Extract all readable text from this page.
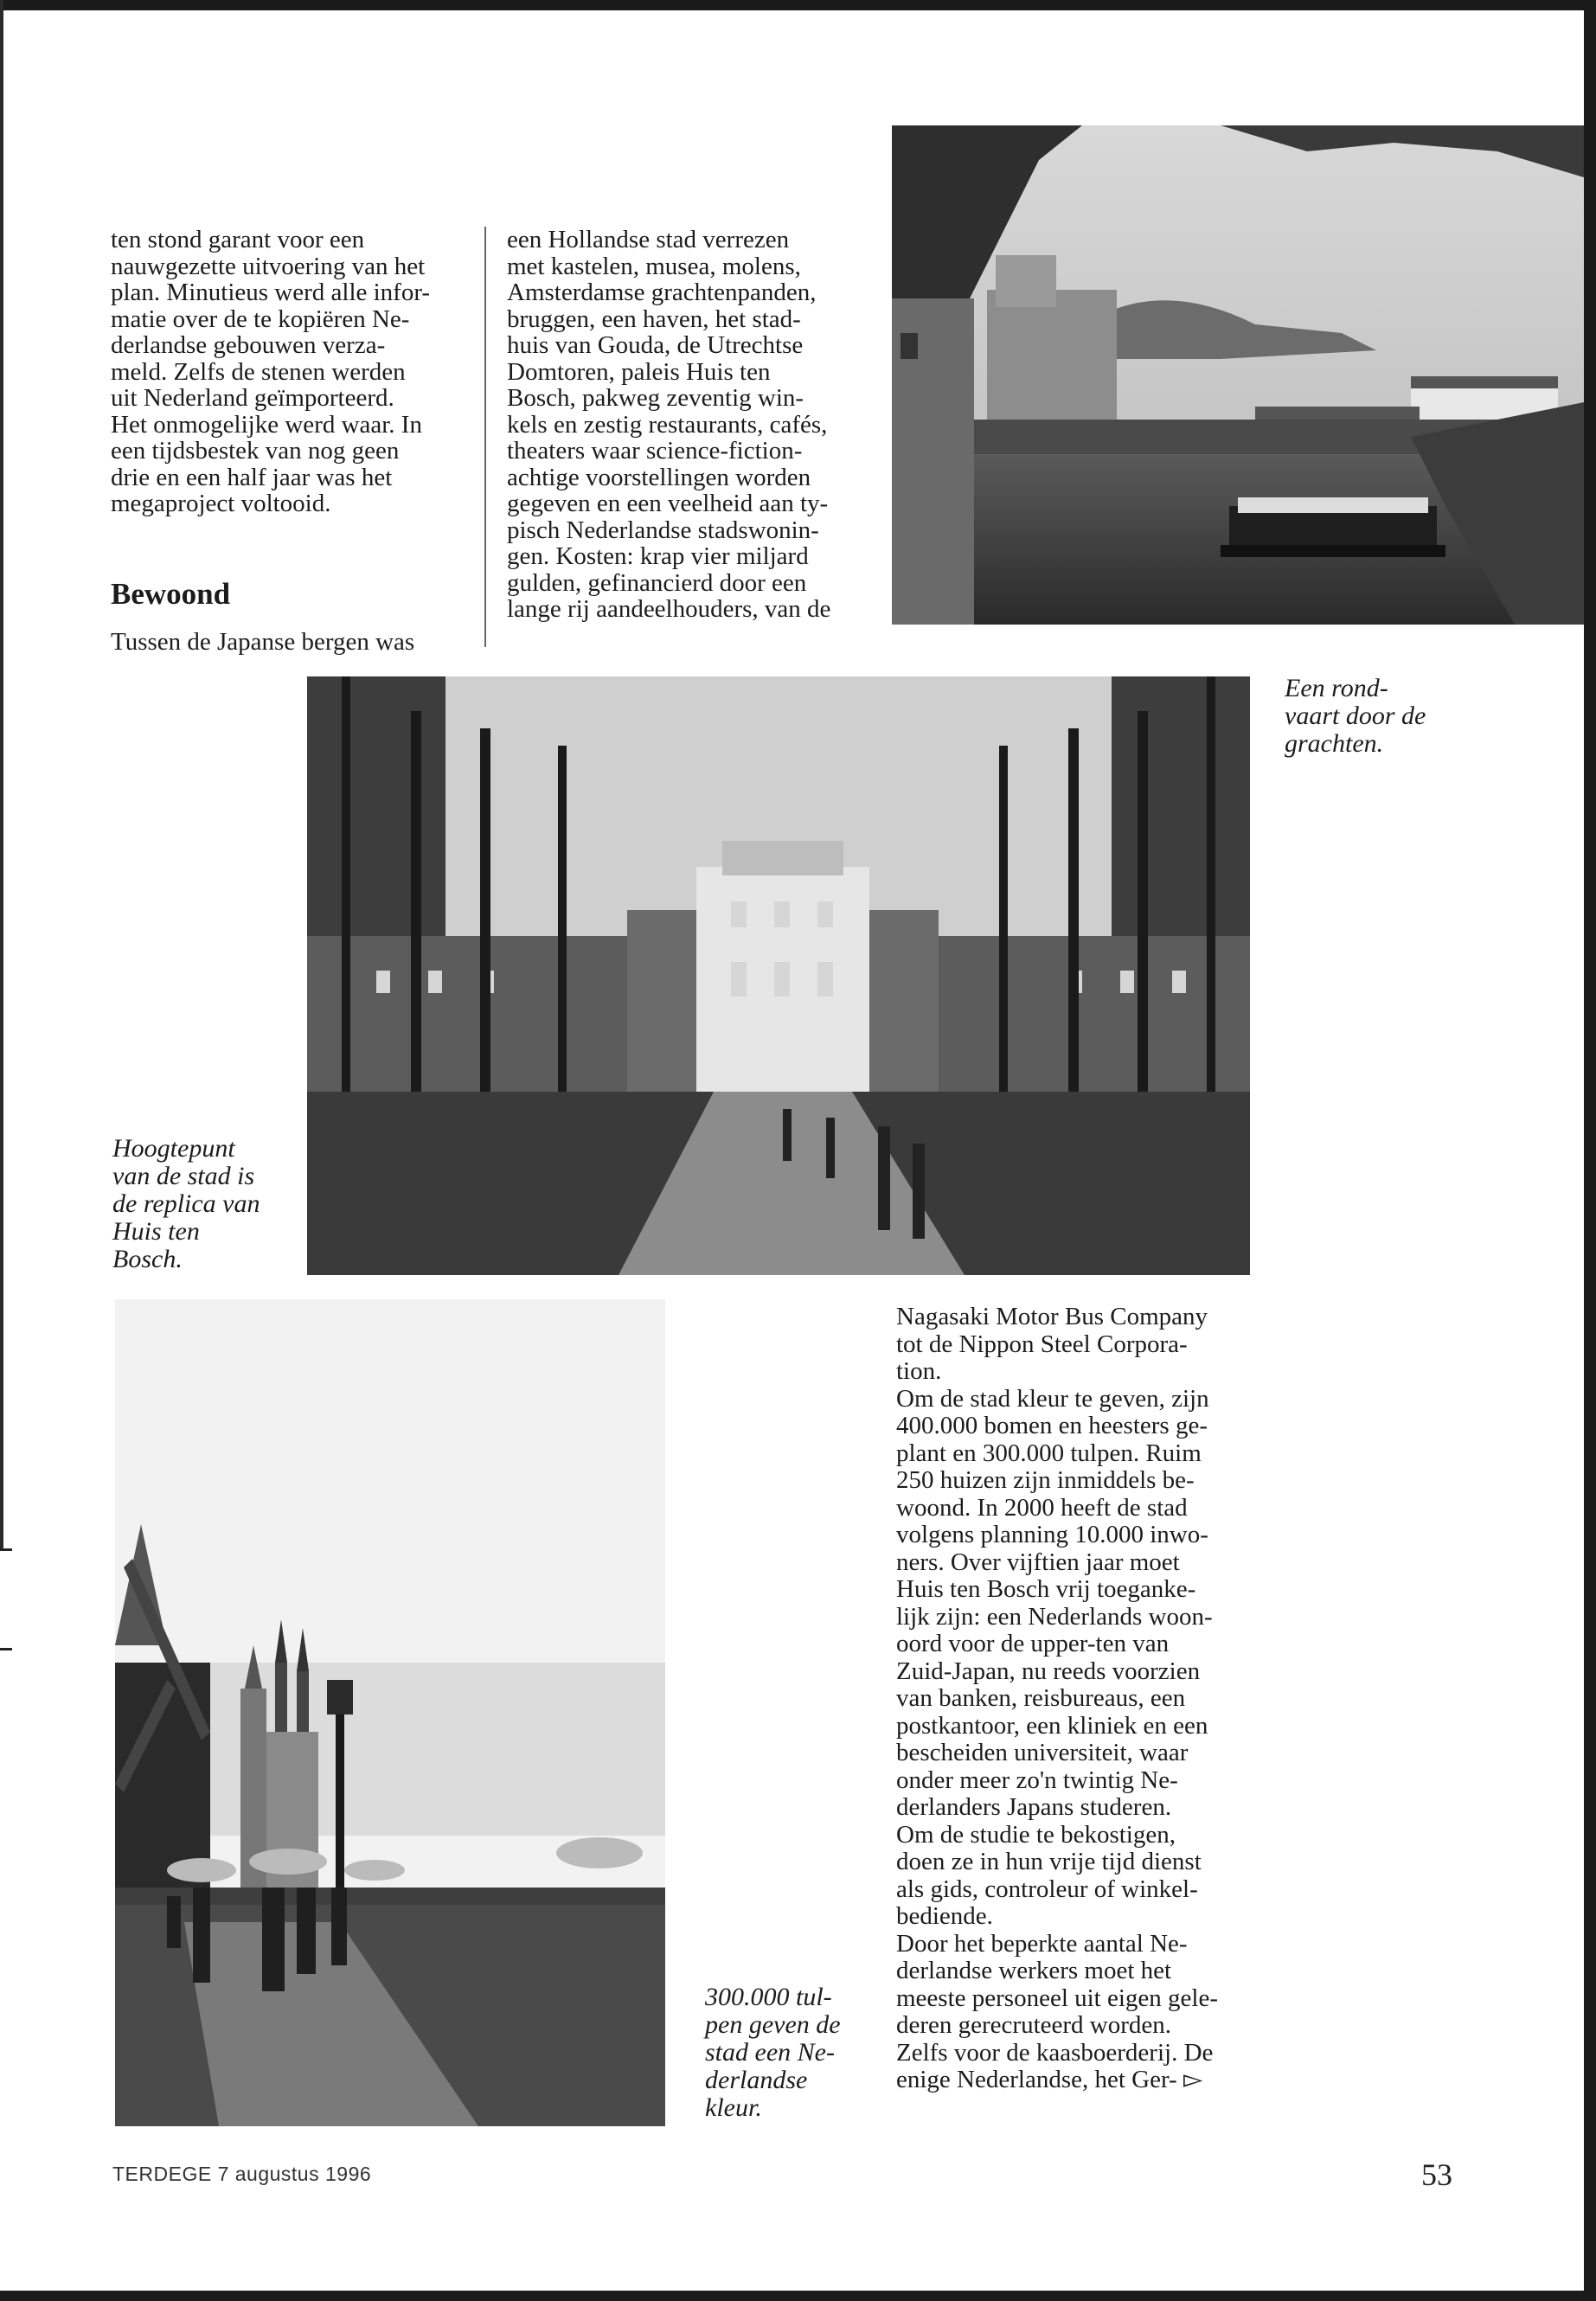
ten stond garant voor een

nauwgezette uitvoering van het

plan. Minutieus werd alle infor-

matie over de te kopiëren Ne-

derlandse gebouwen verza-

meld. Zelfs de stenen werden

uit Nederland geïmporteerd.

Het onmogelijke werd waar. In

een tijdsbestek van nog geen

drie en een half jaar was het

megaproject voltooid.

Bewoond

Tussen de Japanse bergen was

een Hollandse stad verrezen

met kastelen, musea, molens,

Amsterdamse grachtenpanden,

bruggen, een haven, het stad-

huis van Gouda, de Utrechtse

Domtoren, paleis Huis ten

Bosch, pakweg zeventig win-

kels en zestig restaurants, cafés,

theaters waar science-fiction-

achtige voorstellingen worden

gegeven en een veelheid aan ty-

pisch Nederlandse stadswonin-

gen. Kosten: krap vier miljard

gulden, gefinancierd door een

lange rij aandeelhouders, van de

Een rond-
vaart door de
grachten.
Hoogtepunt
van de stad is
de replica van
Huis ten
Bosch.
300.000 tul-
pen geven de
stad een Ne-
derlandse
kleur.

Nagasaki Motor Bus Company

tot de Nippon Steel Corpora-

tion.

Om de stad kleur te geven, zijn

400.000 bomen en heesters ge-

plant en 300.000 tulpen. Ruim

250 huizen zijn inmiddels be-

woond. In 2000 heeft de stad

volgens planning 10.000 inwo-

ners. Over vijftien jaar moet

Huis ten Bosch vrij toeganke-

lijk zijn: een Nederlands woon-

oord voor de upper-ten van

Zuid-Japan, nu reeds voorzien

van banken, reisbureaus, een

postkantoor, een kliniek en een

bescheiden universiteit, waar

onder meer zo'n twintig Ne-

derlanders Japans studeren.

Om de studie te bekostigen,

doen ze in hun vrije tijd dienst

als gids, controleur of winkel-

bediende.

Door het beperkte aantal Ne-

derlandse werkers moet het

meeste personeel uit eigen gele-

deren gerecruteerd worden.

Zelfs voor de kaasboerderij. De

enige Nederlandse, het Ger- ▻

TERDEGE 7 augustus 1996	53
